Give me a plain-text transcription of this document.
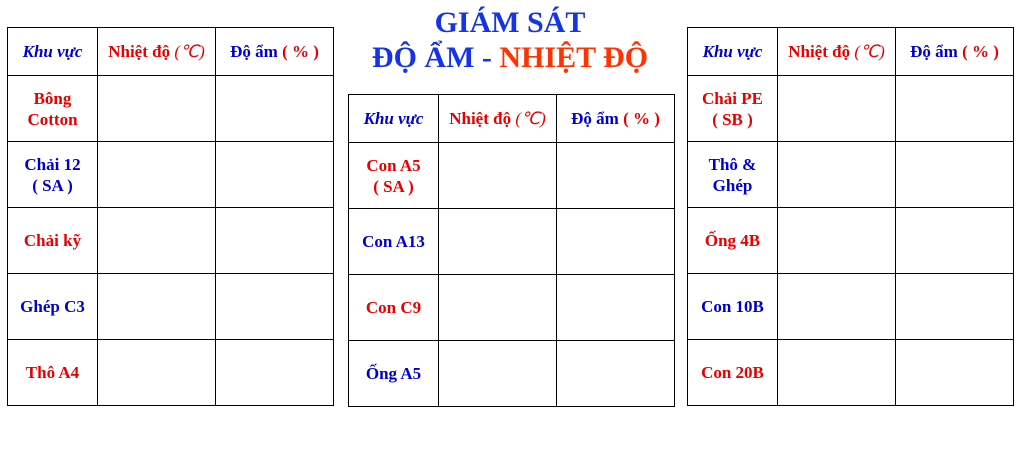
GIÁM SÁT
ĐỘ ẨM - NHIỆT ĐỘ
Khu vực	Nhiệt độ (℃)	Độ ẩm ( % )

Bông
Cotton		

Chải 12
( SA )		

Chải kỹ		

Ghép C3		

Thô A4		

Khu vực	Nhiệt độ (℃)	Độ ẩm ( % )

Con A5
( SA )		

Con A13		

Con C9		

Ống A5		

Khu vực	Nhiệt độ (℃)	Độ ẩm ( % )

Chải PE
( SB )		

Thô &
Ghép		

Ống 4B		

Con 10B		

Con 20B		
